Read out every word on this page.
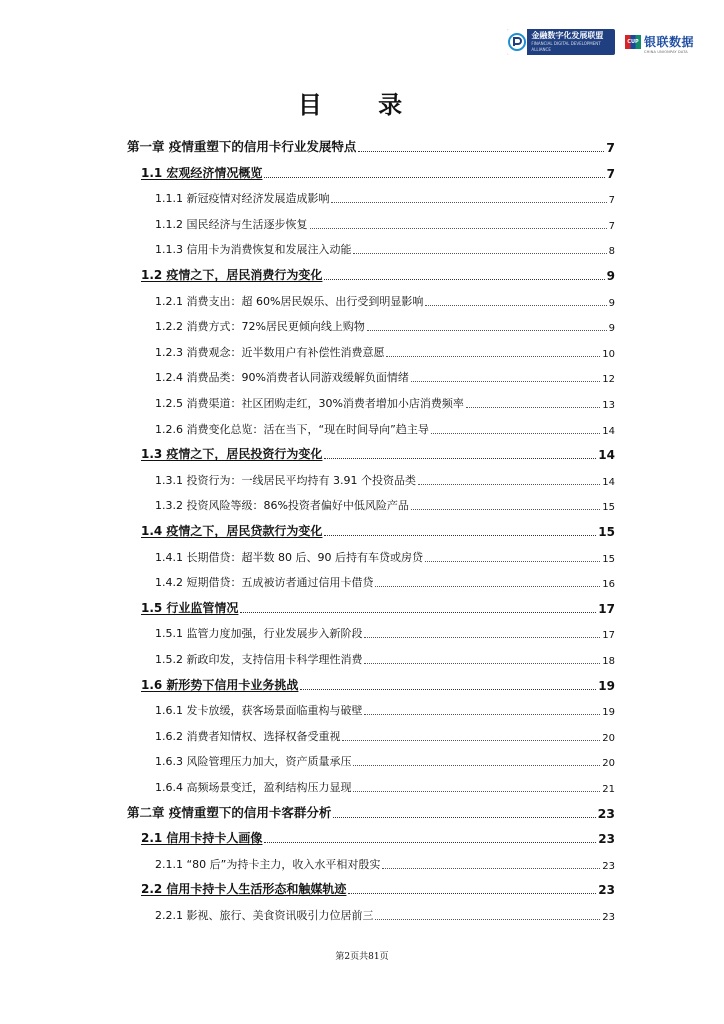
金融数字化发展联盟
FINANCIAL DIGITAL DEVELOPMENT ALLIANCE
CUP 银联数据
CHINA UNIONPAY DATA
目 录
第一章 疫情重塑下的信用卡行业发展特点	7
1.1 宏观经济情况概览	7
1.1.1 新冠疫情对经济发展造成影响	7
1.1.2 国民经济与生活逐步恢复	7
1.1.3 信用卡为消费恢复和发展注入动能	8
1.2 疫情之下，居民消费行为变化	9
1.2.1 消费支出：超 60%居民娱乐、出行受到明显影响	9
1.2.2 消费方式：72%居民更倾向线上购物	9
1.2.3 消费观念：近半数用户有补偿性消费意愿	10
1.2.4 消费品类：90%消费者认同游戏缓解负面情绪	12
1.2.5 消费渠道：社区团购走红，30%消费者增加小店消费频率	13
1.2.6 消费变化总览：活在当下，“现在时间导向”趋主导	14
1.3 疫情之下，居民投资行为变化	14
1.3.1 投资行为：一线居民平均持有 3.91 个投资品类	14
1.3.2 投资风险等级：86%投资者偏好中低风险产品	15
1.4 疫情之下，居民贷款行为变化	15
1.4.1 长期借贷：超半数 80 后、90 后持有车贷或房贷	15
1.4.2 短期借贷：五成被访者通过信用卡借贷	16
1.5 行业监管情况	17
1.5.1 监管力度加强，行业发展步入新阶段	17
1.5.2 新政印发，支持信用卡科学理性消费	18
1.6 新形势下信用卡业务挑战	19
1.6.1 发卡放缓，获客场景面临重构与破壁	19
1.6.2 消费者知情权、选择权备受重视	20
1.6.3 风险管理压力加大，资产质量承压	20
1.6.4 高频场景变迁，盈利结构压力显现	21
第二章 疫情重塑下的信用卡客群分析	23
2.1 信用卡持卡人画像	23
2.1.1 “80 后”为持卡主力，收入水平相对殷实	23
2.2 信用卡持卡人生活形态和触媒轨迹	23
2.2.1 影视、旅行、美食资讯吸引力位居前三	23
第2页共81页
